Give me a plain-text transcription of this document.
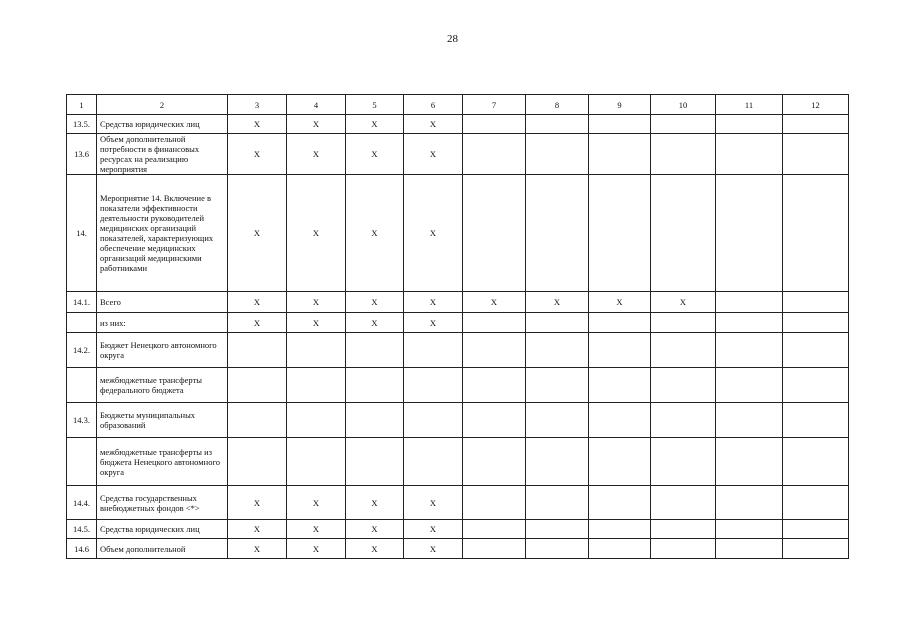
28
1	2	3	4	5	6	7	8	9	10	11	12
13.5.	Средства юридических лиц	X	X	X	X						
13.6	Объем дополнительной потребности в финансовых ресурсах на реализацию мероприятия	X	X	X	X						
14.	Мероприятие 14. Включение в показатели эффективности деятельности руководителей медицинских организаций показателей, характеризующих обеспечение медицинских организаций медицинскими работниками	X	X	X	X						
14.1.	Всего	X	X	X	X	X	X	X	X		
	из них:	X	X	X	X						
14.2.	Бюджет Ненецкого автономного округа										
	межбюджетные трансферты федерального бюджета										
14.3.	Бюджеты муниципальных образований										
	межбюджетные трансферты из бюджета Ненецкого автономного округа										
14.4.	Средства государственных внебюджетных фондов <*>	X	X	X	X						
14.5.	Средства юридических лиц	X	X	X	X						
14.6	Объем дополнительной	X	X	X	X						
